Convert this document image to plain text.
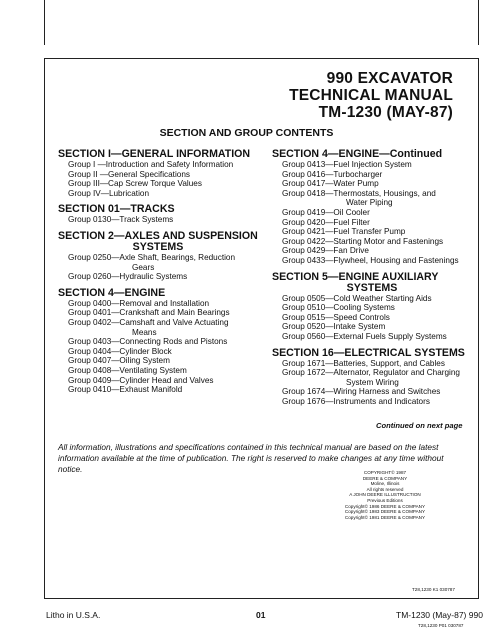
990 EXCAVATOR
TECHNICAL MANUAL
TM-1230 (MAY-87)
SECTION AND GROUP CONTENTS
SECTION I—GENERAL INFORMATION
Group I —Introduction and Safety Information
Group II —General Specifications
Group III—Cap Screw Torque Values
Group IV—Lubrication
SECTION 01—TRACKS
Group 0130—Track Systems
SECTION 2—AXLES AND SUSPENSION
SYSTEMS
Group 0250—Axle Shaft, Bearings, Reduction
Gears
Group 0260—Hydraulic Systems
SECTION 4—ENGINE
Group 0400—Removal and Installation
Group 0401—Crankshaft and Main Bearings
Group 0402—Camshaft and Valve Actuating
Means
Group 0403—Connecting Rods and Pistons
Group 0404—Cylinder Block
Group 0407—Oiling System
Group 0408—Ventilating System
Group 0409—Cylinder Head and Valves
Group 0410—Exhaust Manifold
SECTION 4—ENGINE—Continued
Group 0413—Fuel Injection System
Group 0416—Turbocharger
Group 0417—Water Pump
Group 0418—Thermostats, Housings, and
Water Piping
Group 0419—Oil Cooler
Group 0420—Fuel Filter
Group 0421—Fuel Transfer Pump
Group 0422—Starting Motor and Fastenings
Group 0429—Fan Drive
Group 0433—Flywheel, Housing and Fastenings
SECTION 5—ENGINE AUXILIARY
SYSTEMS
Group 0505—Cold Weather Starting Aids
Group 0510—Cooling Systems
Group 0515—Speed Controls
Group 0520—Intake System
Group 0560—External Fuels Supply Systems
SECTION 16—ELECTRICAL SYSTEMS
Group 1671—Batteries, Support, and Cables
Group 1672—Alternator, Regulator and Charging
System Wiring
Group 1674—Wiring Harness and Switches
Group 1676—Instruments and Indicators
Continued on next page
All information, illustrations and specifications contained in this technical manual are based on the latest information available at the time of publication. The right is reserved to make changes at any time without notice.	COPYRIGHT© 1987
DEERE & COMPANY
Moline, Illinois
All rights reserved
A JOHN DEERE ILLUSTRUCTION
Previous Editions
Copyright© 1986 DEERE & COMPANY
Copyright© 1983 DEERE & COMPANY
Copyright© 1981 DEERE & COMPANY
T28,1230 K1 030787
Litho in U.S.A.	01	TM-1230 (May-87) 990
T28,1230 P01 030787
